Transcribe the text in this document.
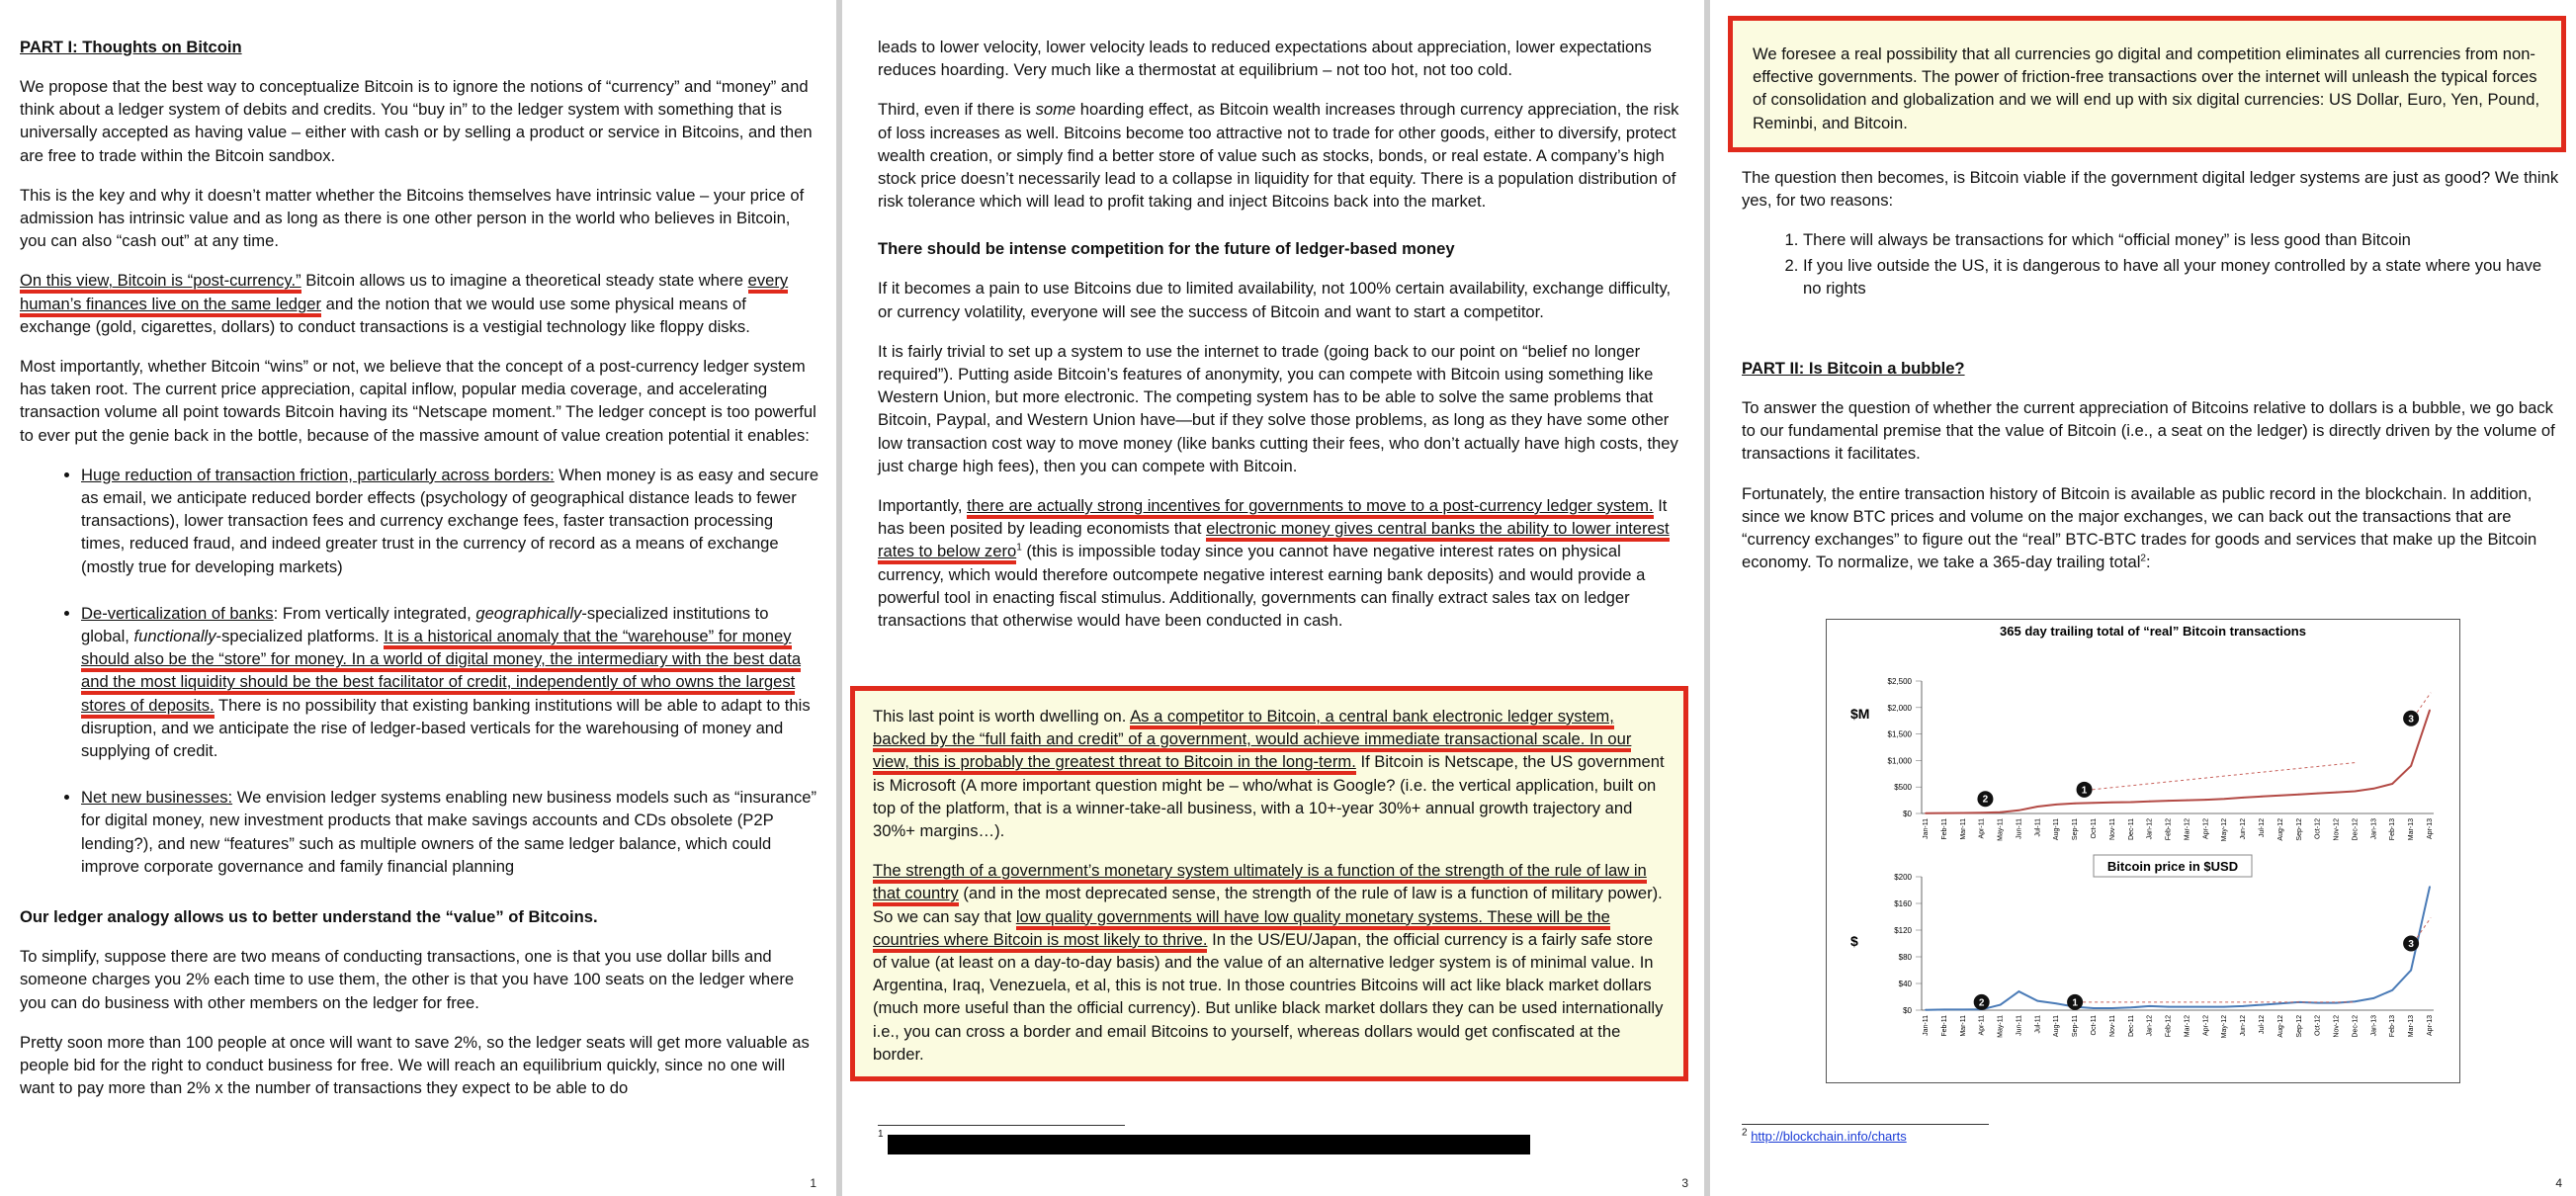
PART I: Thoughts on Bitcoin

We propose that the best way to conceptualize Bitcoin is to ignore the notions of “currency” and “money” and think about a ledger system of debits and credits. You “buy in” to the ledger system with something that is universally accepted as having value – either with cash or by selling a product or service in Bitcoins, and then are free to trade within the Bitcoin sandbox.

This is the key and why it doesn’t matter whether the Bitcoins themselves have intrinsic value – your price of admission has intrinsic value and as long as there is one other person in the world who believes in Bitcoin, you can also “cash out” at any time.

On this view, Bitcoin is “post-currency.” Bitcoin allows us to imagine a theoretical steady state where every human’s finances live on the same ledger and the notion that we would use some physical means of exchange (gold, cigarettes, dollars) to conduct transactions is a vestigial technology like floppy disks.

Most importantly, whether Bitcoin “wins” or not, we believe that the concept of a post-currency ledger system has taken root. The current price appreciation, capital inflow, popular media coverage, and accelerating transaction volume all point towards Bitcoin having its “Netscape moment.” The ledger concept is too powerful to ever put the genie back in the bottle, because of the massive amount of value creation potential it enables:

• Huge reduction of transaction friction, particularly across borders: When money is as easy and secure as email, we anticipate reduced border effects (psychology of geographical distance leads to fewer transactions), lower transaction fees and currency exchange fees, faster transaction processing times, reduced fraud, and indeed greater trust in the currency of record as a means of exchange (mostly true for developing markets)
• De-verticalization of banks: From vertically integrated, geographically-specialized institutions to global, functionally-specialized platforms. It is a historical anomaly that the “warehouse” for money should also be the “store” for money. In a world of digital money, the intermediary with the best data and the most liquidity should be the best facilitator of credit, independently of who owns the largest stores of deposits. There is no possibility that existing banking institutions will be able to adapt to this disruption, and we anticipate the rise of ledger-based verticals for the warehousing of money and supplying of credit.
• Net new businesses: We envision ledger systems enabling new business models such as “insurance” for digital money, new investment products that make savings accounts and CDs obsolete (P2P lending?), and new “features” such as multiple owners of the same ledger balance, which could improve corporate governance and family financial planning
Our ledger analogy allows us to better understand the “value” of Bitcoins.

To simplify, suppose there are two means of conducting transactions, one is that you use dollar bills and someone charges you 2% each time to use them, the other is that you have 100 seats on the ledger where you can do business with other members on the ledger for free.

Pretty soon more than 100 people at once will want to save 2%, so the ledger seats will get more valuable as people bid for the right to conduct business for free. We will reach an equilibrium quickly, since no one will want to pay more than 2% x the number of transactions they expect to be able to do

1

leads to lower velocity, lower velocity leads to reduced expectations about appreciation, lower expectations reduces hoarding. Very much like a thermostat at equilibrium – not too hot, not too cold.

Third, even if there is some hoarding effect, as Bitcoin wealth increases through currency appreciation, the risk of loss increases as well. Bitcoins become too attractive not to trade for other goods, either to diversify, protect wealth creation, or simply find a better store of value such as stocks, bonds, or real estate. A company’s high stock price doesn’t necessarily lead to a collapse in liquidity for that equity. There is a population distribution of risk tolerance which will lead to profit taking and inject Bitcoins back into the market.

There should be intense competition for the future of ledger-based money

If it becomes a pain to use Bitcoins due to limited availability, not 100% certain availability, exchange difficulty, or currency volatility, everyone will see the success of Bitcoin and want to start a competitor.

It is fairly trivial to set up a system to use the internet to trade (going back to our point on “belief no longer required”). Putting aside Bitcoin’s features of anonymity, you can compete with Bitcoin using something like Western Union, but more electronic. The competing system has to be able to solve the same problems that Bitcoin, Paypal, and Western Union have—but if they solve those problems, as long as they have some other low transaction cost way to move money (like banks cutting their fees, who don’t actually have high costs, they just charge high fees), then you can compete with Bitcoin.

Importantly, there are actually strong incentives for governments to move to a post-currency ledger system. It has been posited by leading economists that electronic money gives central banks the ability to lower interest rates to below zero$^1$ (this is impossible today since you cannot have negative interest rates on physical currency, which would therefore outcompete negative interest earning bank deposits) and would provide a powerful tool in enacting fiscal stimulus. Additionally, governments can finally extract sales tax on ledger transactions that otherwise would have been conducted in cash.

This last point is worth dwelling on. As a competitor to Bitcoin, a central bank electronic ledger system, backed by the “full faith and credit” of a government, would achieve immediate transactional scale. In our view, this is probably the greatest threat to Bitcoin in the long-term. If Bitcoin is Netscape, the US government is Microsoft (A more important question might be – who/what is Google? (i.e. the vertical application, built on top of the platform, that is a winner-take-all business, with a 10+-year 30%+ annual growth trajectory and 30%+ margins…).

The strength of a government’s monetary system ultimately is a function of the strength of the rule of law in that country (and in the most deprecated sense, the strength of the rule of law is a function of military power). So we can say that low quality governments will have low quality monetary systems. These will be the countries where Bitcoin is most likely to thrive. In the US/EU/Japan, the official currency is a fairly safe store of value (at least on a day-to-day basis) and the value of an alternative ledger system is of minimal value. In Argentina, Iraq, Venezuela, et al, this is not true. In those countries Bitcoins will act like black market dollars (much more useful than the official currency). But unlike black market dollars they can be used internationally i.e., you can cross a border and email Bitcoins to yourself, whereas dollars would get confiscated at the border.

1
3

We foresee a real possibility that all currencies go digital and competition eliminates all currencies from non-effective governments. The power of friction-free transactions over the internet will unleash the typical forces of consolidation and globalization and we will end up with six digital currencies: US Dollar, Euro, Yen, Pound, Reminbi, and Bitcoin.

The question then becomes, is Bitcoin viable if the government digital ledger systems are just as good? We think yes, for two reasons:

1. There will always be transactions for which “official money” is less good than Bitcoin
2. If you live outside the US, it is dangerous to have all your money controlled by a state where you have no rights
PART II: Is Bitcoin a bubble?

To answer the question of whether the current appreciation of Bitcoins relative to dollars is a bubble, we go back to our fundamental premise that the value of Bitcoin (i.e., a seat on the ledger) is directly driven by the volume of transactions it facilitates.

Fortunately, the entire transaction history of Bitcoin is available as public record in the blockchain. In addition, since we know BTC prices and volume on the major exchanges, we can back out the transactions that are “currency exchanges” to figure out the “real” BTC-BTC trades for goods and services that make up the Bitcoin economy. To normalize, we take a 365-day trailing total$^2$:

365 day trailing total of “real” Bitcoin transactions
$M
$2,500
$2,000
$1,500
$1,000
$500
$0
Jan-11 Feb-11 Mar-11 Apr-11 May-11 Jun-11 Jul-11 Aug-11 Sep-11 Oct-11 Nov-11 Dec-11 Jan-12 Feb-12 Mar-12 Apr-12 May-12 Jun-12 Jul-12 Aug-12 Sep-12 Oct-12 Nov-12 Dec-12 Jan-13 Feb-13 Mar-13 Apr-13
1
2
3
Bitcoin price in $USD
$
$200
$160
$120
$80
$40
$0
Jan-11 Feb-11 Mar-11 Apr-11 May-11 Jun-11 Jul-11 Aug-11 Sep-11 Oct-11 Nov-11 Dec-11 Jan-12 Feb-12 Mar-12 Apr-12 May-12 Jun-12 Jul-12 Aug-12 Sep-12 Oct-12 Nov-12 Dec-12 Jan-13 Feb-13 Mar-13 Apr-13
1
2
3
$^2$ http://blockchain.info/charts
4
